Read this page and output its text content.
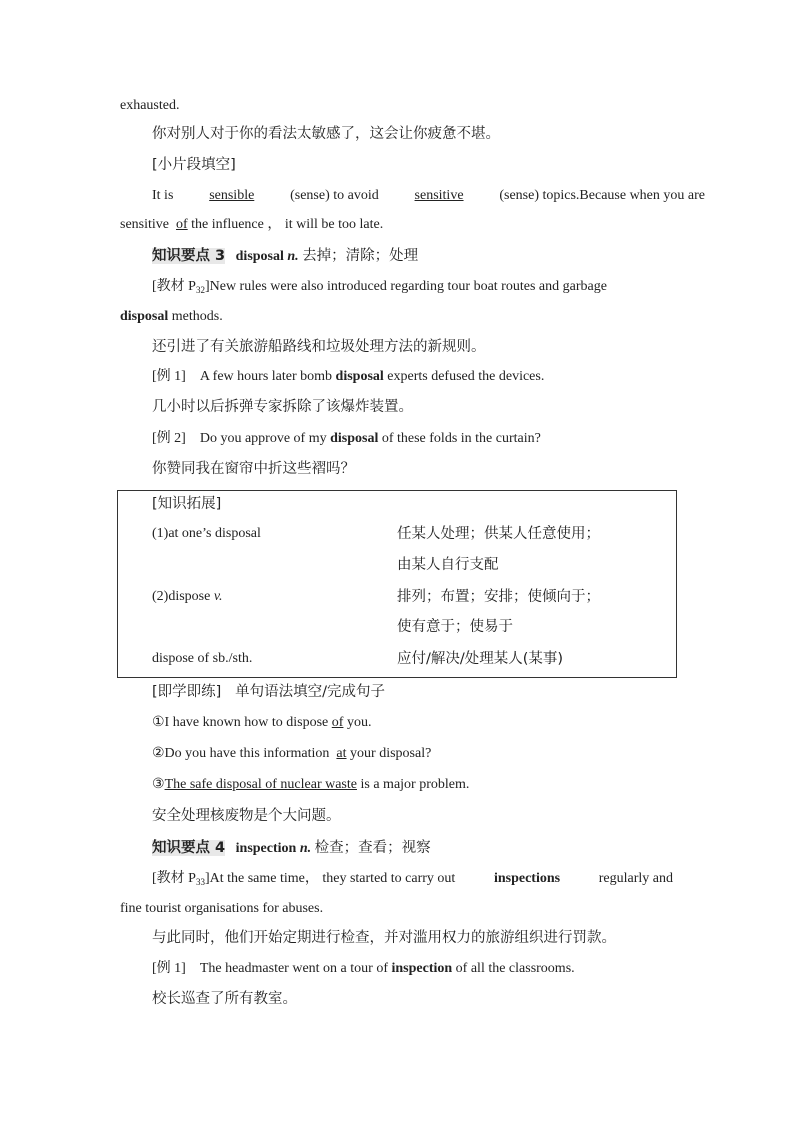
exhausted.
你对别人对于你的看法太敏感了，这会让你疲惫不堪。
[小片段填空]
It is	sensible	(sense) to avoid	sensitive	(sense) topics.Because when you are
sensitive of the influence ， it will be too late.
知识要点 3 disposal n. 去掉；清除；处理
[教材 $P_{32}]New$ rules were also introduced regarding tour boat routes and garbage
disposal methods.
还引进了有关旅游船路线和垃圾处理方法的新规则。
[例 1] A few hours later bomb disposal experts defused the devices.
几小时以后拆弹专家拆除了该爆炸装置。
[例 2] Do you approve of my disposal of these folds in the curtain?
你赞同我在窗帘中折这些褶吗？
[知识拓展]
(1)at one’s disposal	任某人处理；供某人任意使用；
由某人自行支配
(2)dispose v.	排列；布置；安排；使倾向于；
使有意于；使易于
dispose of sb./sth.	应付/解决/处理某人(某事)
[即学即练] 单句语法填空/完成句子
①I have known how to dispose of you.
②Do you have this information at your disposal?
③The safe disposal of nuclear waste is a major problem.
安全处理核废物是个大问题。
知识要点 4 inspection n. 检查；查看；视察
[教材 $P_{33}]At$ the same time， they started to carry out	inspections	regularly and
fine tourist organisations for abuses.
与此同时，他们开始定期进行检查，并对滥用权力的旅游组织进行罚款。
[例 1] The headmaster went on a tour of inspection of all the classrooms.
校长巡查了所有教室。
